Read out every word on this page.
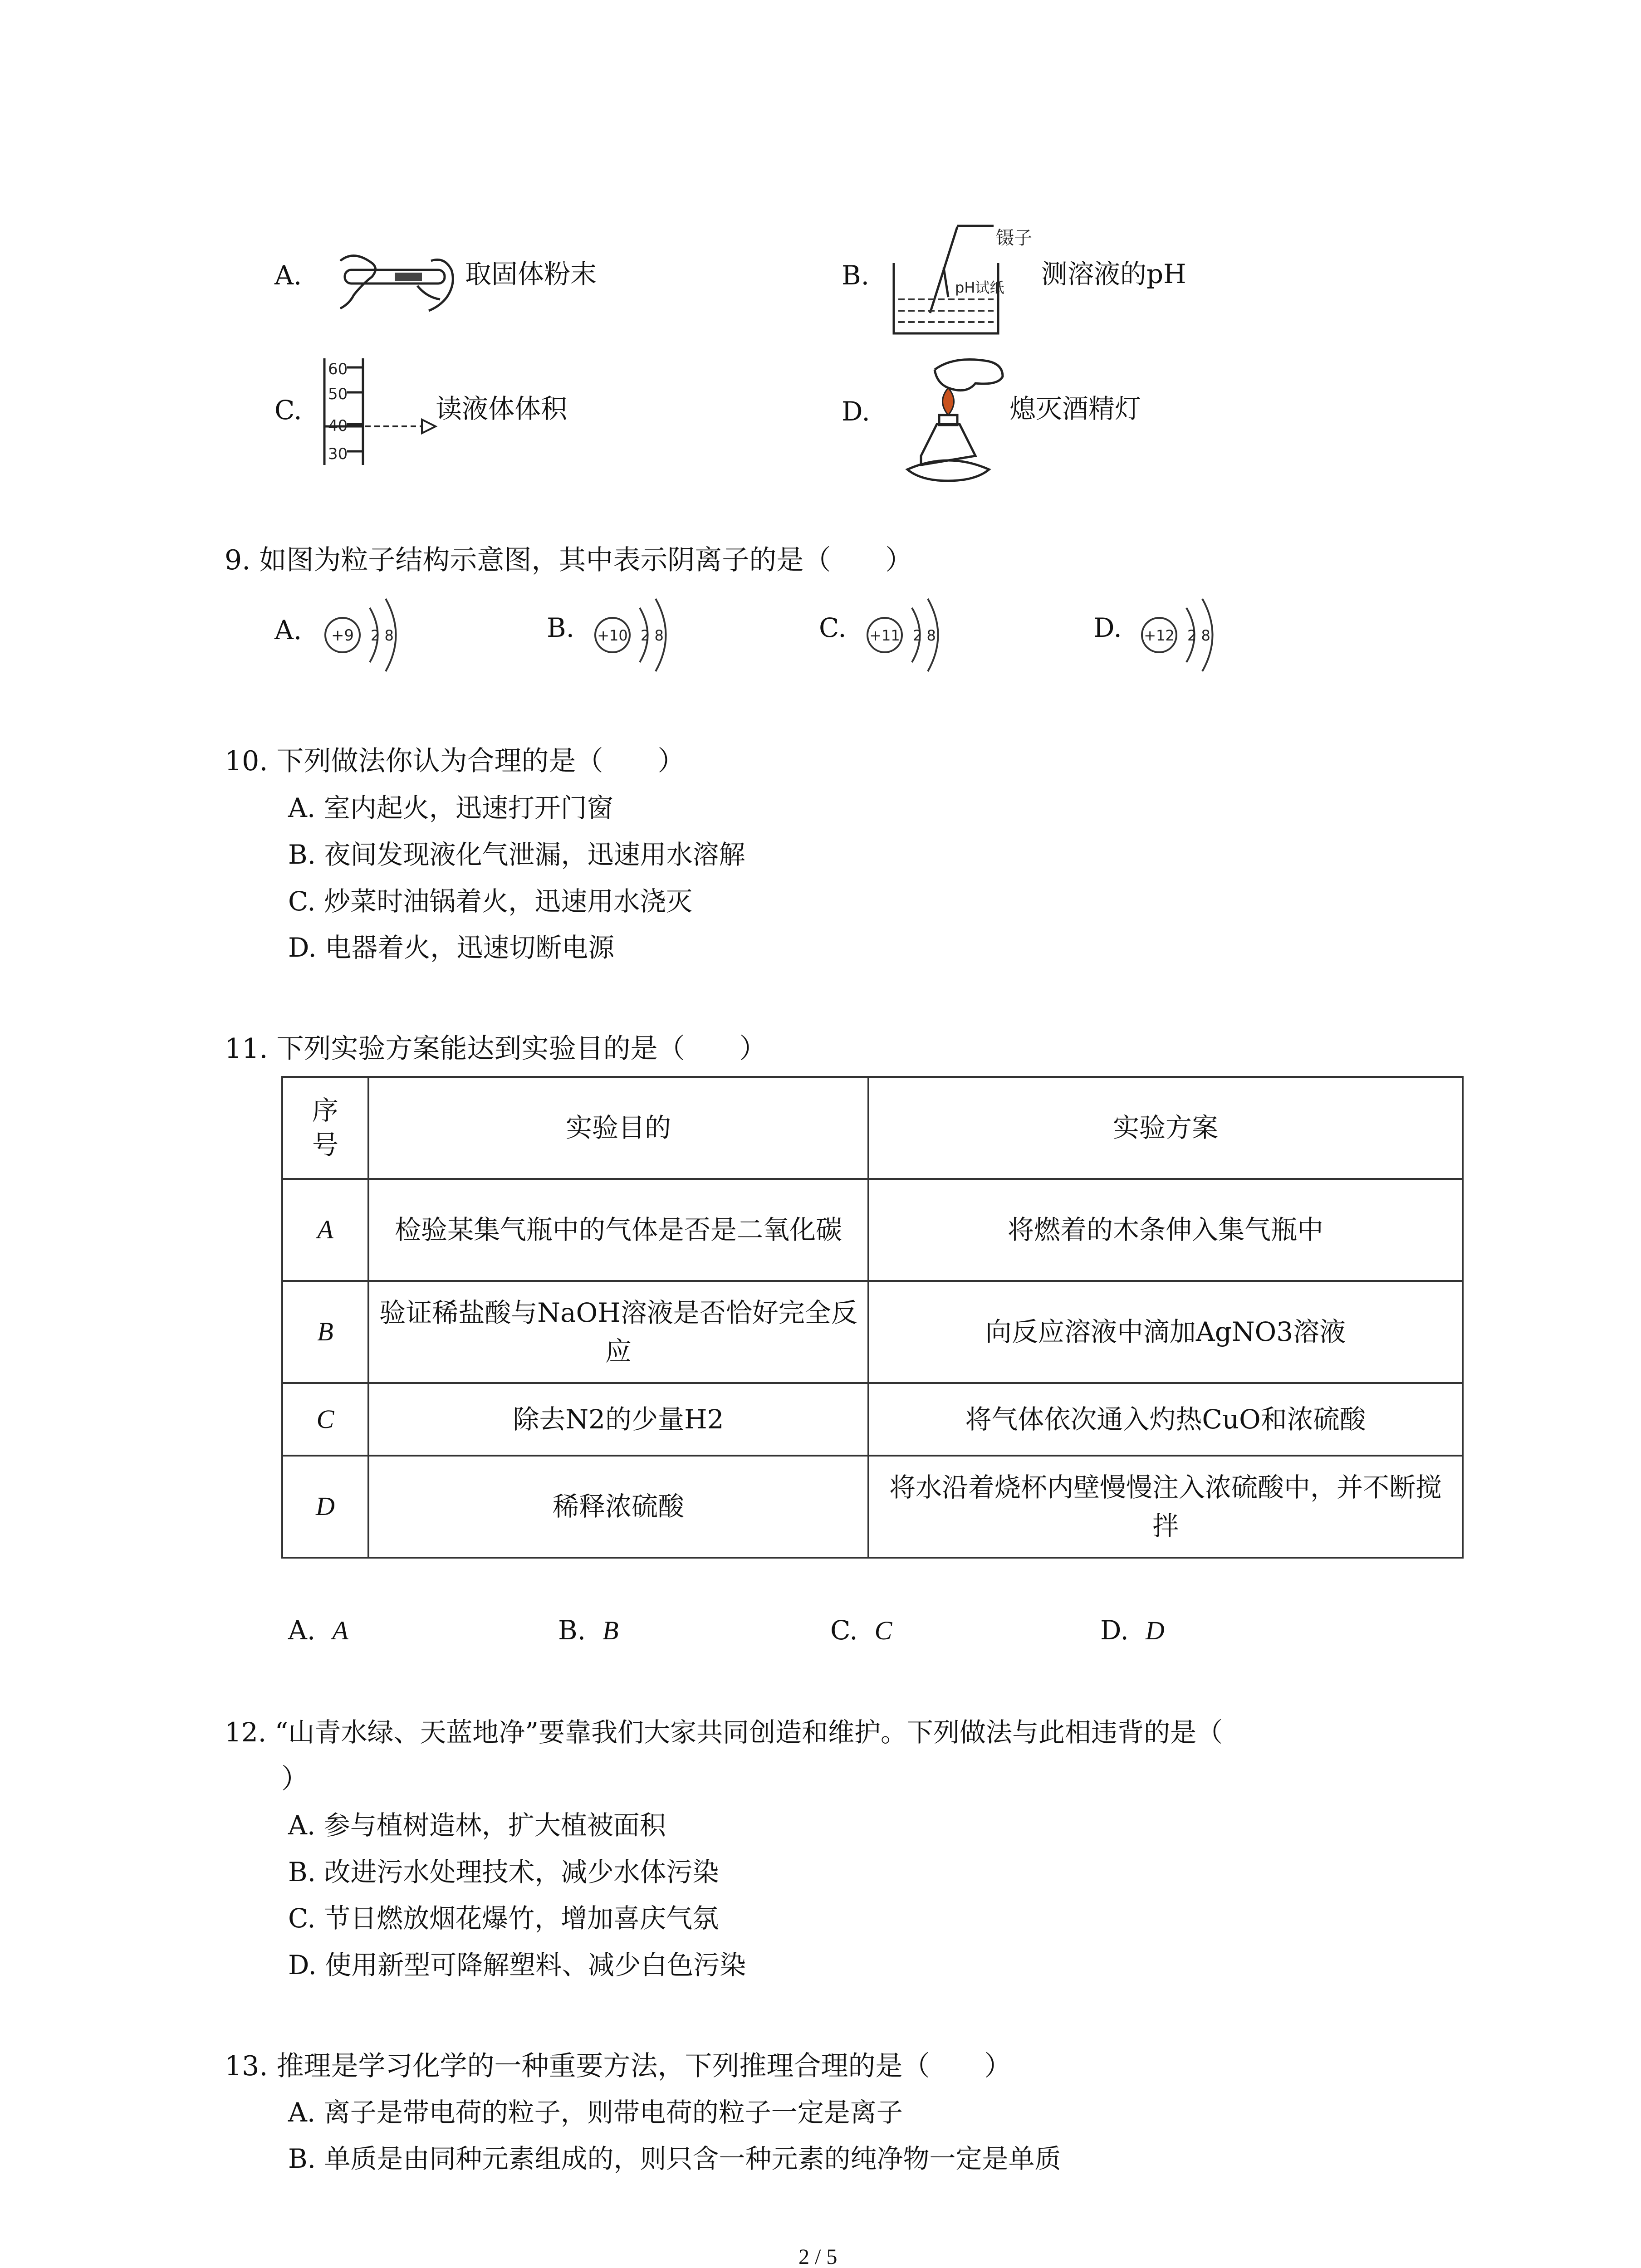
A.	取固体粉末	B.	pH试纸
镊子
测溶液的pH
C.
60
50
40
30
读液体体积	D.	熄灭酒精灯
9. 如图为粒子结构示意图，其中表示阴离子的是（　　）
A. +9 2 8	B. +10 2 8	C. +11 2 8	D. +12 2 8
10. 下列做法你认为合理的是（　　）
A. 室内起火，迅速打开门窗
B. 夜间发现液化气泄漏，迅速用水溶解
C. 炒菜时油锅着火，迅速用水浇灭
D. 电器着火，迅速切断电源
11. 下列实验方案能达到实验目的是（　　）
序号	实验目的	实验方案
A	检验某集气瓶中的气体是否是二氧化碳	将燃着的木条伸入集气瓶中
B	验证稀盐酸与NaOH溶液是否恰好完全反应	向反应溶液中滴加AgNO3溶液
C	除去N2的少量H2	将气体依次通入灼热CuO和浓硫酸
D	稀释浓硫酸	将水沿着烧杯内壁慢慢注入浓硫酸中，并不断搅拌
A. A	B. B	C. C	D. D
12. “山青水绿、天蓝地净”要靠我们大家共同创造和维护。下列做法与此相违背的是（
）
A. 参与植树造林，扩大植被面积
B. 改进污水处理技术，减少水体污染
C. 节日燃放烟花爆竹，增加喜庆气氛
D. 使用新型可降解塑料、减少白色污染
13. 推理是学习化学的一种重要方法，下列推理合理的是（　　）
A. 离子是带电荷的粒子，则带电荷的粒子一定是离子
B. 单质是由同种元素组成的，则只含一种元素的纯净物一定是单质
2 / 5
